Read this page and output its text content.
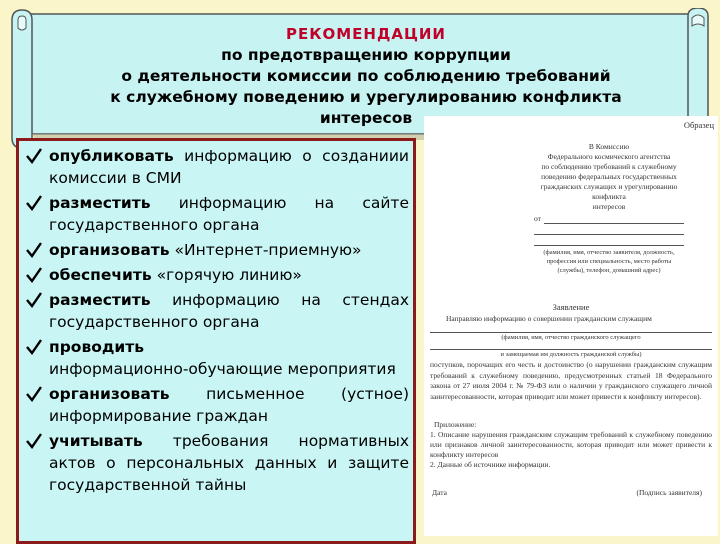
РЕКОМЕНДАЦИИ
по предотвращению коррупции
о деятельности комиссии по соблюдению требований
к служебному поведению и урегулированию конфликта
интересов
опубликовать информацию о созданиии комиссии в СМИ
разместить информацию на сайте государственного органа
организовать «Интернет-приемную»
обеспечить «горячую линию»
разместить информацию на стендах государственного органа
проводить
информационно-обучающие мероприятия
организовать письменное (устное) информирование граждан
учитывать требования нормативных актов о персональных данных и защите государственной тайны
Образец
В Комиссию
Федерального космического агентства
по соблюдению требований к служебному
поведению федеральных государственных
гражданских служащих и урегулированию конфликта
интересов
от
(фамилия, имя, отчество заявителя, должность, профессия или специальность, место работы (службы), телефон, домашний адрес)
Заявление
Направляю информацию о совершении гражданским служащим
(фамилия, имя, отчество гражданского служащего
и замещаемая им должность гражданской службы)
поступков, порочащих его честь и достоинство (о нарушении гражданским служащим требований к служебному поведению, предусмотренных статьей 18 Федерального закона от 27 июля 2004 г. № 79-ФЗ или о наличии у гражданского служащего личной заинтересованности, которая приводит или может привести к конфликту интересов).
Приложение:
1. Описание нарушения гражданским служащим требований к служебному поведению или признаков личной заинтересованности, которая приводит или может привести к конфликту интересов
2. Данные об источнике информации.
Дата	(Подпись заявителя)
